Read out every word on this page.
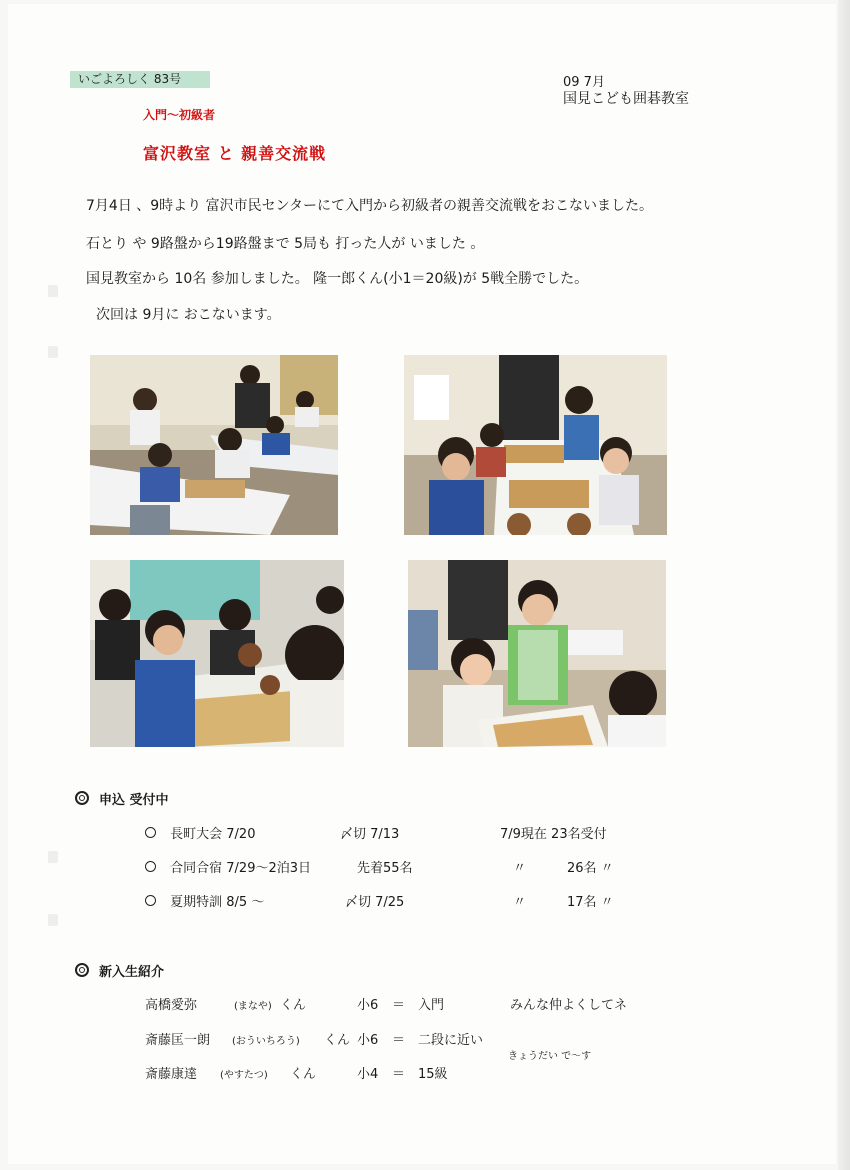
いごよろしく 83号	09 7月
国見こども囲碁教室
入門～初級者
富沢教室 と 親善交流戦
7月4日 、9時より 富沢市民センターにて入門から初級者の親善交流戦をおこないました。
石とり や 9路盤から19路盤まで 5局も 打った人が いました 。
国見教室から 10名 参加しました。 隆一郎くん(小1＝20級)が 5戦全勝でした。
次回は 9月に おこないます。
申込 受付中
長町大会 7/20	〆切 7/13	7/9現在 23名受付
合同合宿 7/29～2泊3日	先着55名	〃	26名 〃
夏期特訓 8/5 ～	〆切 7/25	〃	17名 〃
新入生紹介
高橋愛弥	(まなや) くん	小6 ＝ 入門	みんな仲よくしてネ
斎藤匡一朗 (おういちろう) くん 小6 ＝ 二段に近い
きょうだい で～す
斎藤康達 (やすたつ) くん	小4 ＝ 15級
